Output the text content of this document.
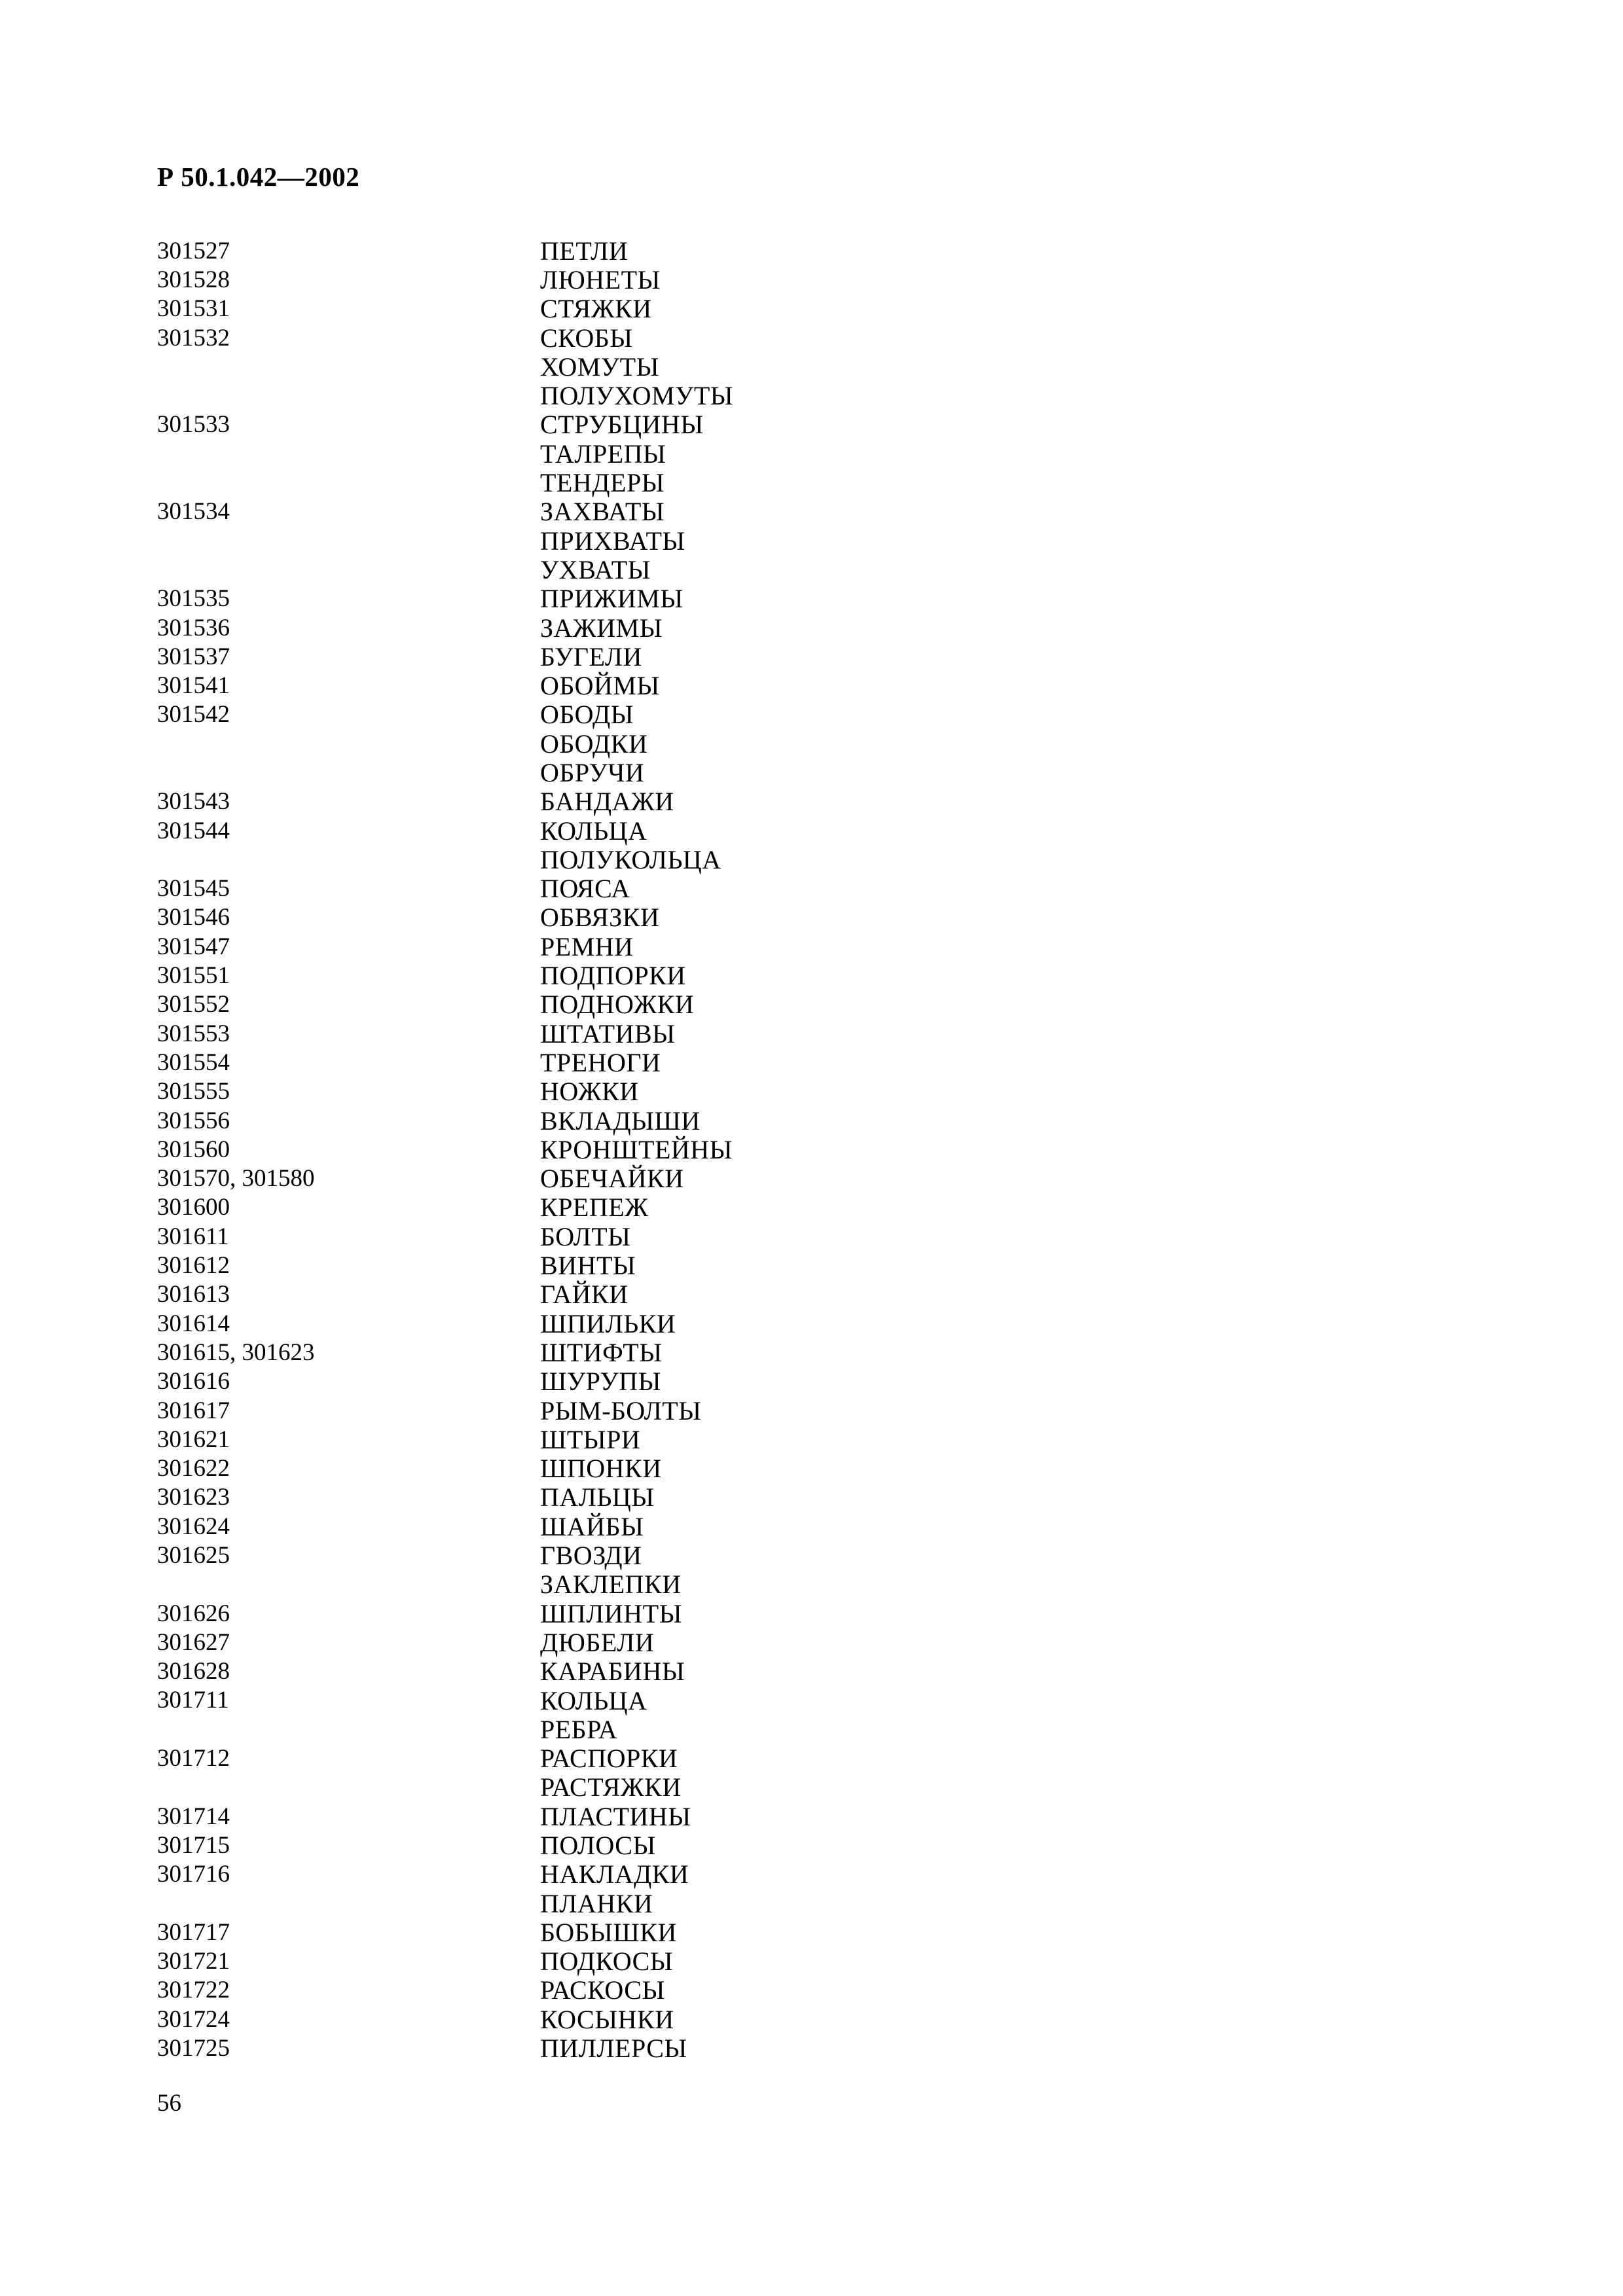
Р 50.1.042—2002
301527	ПЕТЛИ
301528	ЛЮНЕТЫ
301531	СТЯЖКИ
301532	СКОБЫ
ХОМУТЫ
ПОЛУХОМУТЫ
301533	СТРУБЦИНЫ
ТАЛРЕПЫ
ТЕНДЕРЫ
301534	ЗАХВАТЫ
ПРИХВАТЫ
УХВАТЫ
301535	ПРИЖИМЫ
301536	ЗАЖИМЫ
301537	БУГЕЛИ
301541	ОБОЙМЫ
301542	ОБОДЫ
ОБОДКИ
ОБРУЧИ
301543	БАНДАЖИ
301544	КОЛЬЦА
ПОЛУКОЛЬЦА
301545	ПОЯСА
301546	ОБВЯЗКИ
301547	РЕМНИ
301551	ПОДПОРКИ
301552	ПОДНОЖКИ
301553	ШТАТИВЫ
301554	ТРЕНОГИ
301555	НОЖКИ
301556	ВКЛАДЫШИ
301560	КРОНШТЕЙНЫ
301570, 301580	ОБЕЧАЙКИ
301600	КРЕПЕЖ
301611	БОЛТЫ
301612	ВИНТЫ
301613	ГАЙКИ
301614	ШПИЛЬКИ
301615, 301623	ШТИФТЫ
301616	ШУРУПЫ
301617	РЫМ-БОЛТЫ
301621	ШТЫРИ
301622	ШПОНКИ
301623	ПАЛЬЦЫ
301624	ШАЙБЫ
301625	ГВОЗДИ
ЗАКЛЕПКИ
301626	ШПЛИНТЫ
301627	ДЮБЕЛИ
301628	КАРАБИНЫ
301711	КОЛЬЦА
РЕБРА
301712	РАСПОРКИ
РАСТЯЖКИ
301714	ПЛАСТИНЫ
301715	ПОЛОСЫ
301716	НАКЛАДКИ
ПЛАНКИ
301717	БОБЫШКИ
301721	ПОДКОСЫ
301722	РАСКОСЫ
301724	КОСЫНКИ
301725	ПИЛЛЕРСЫ
56
